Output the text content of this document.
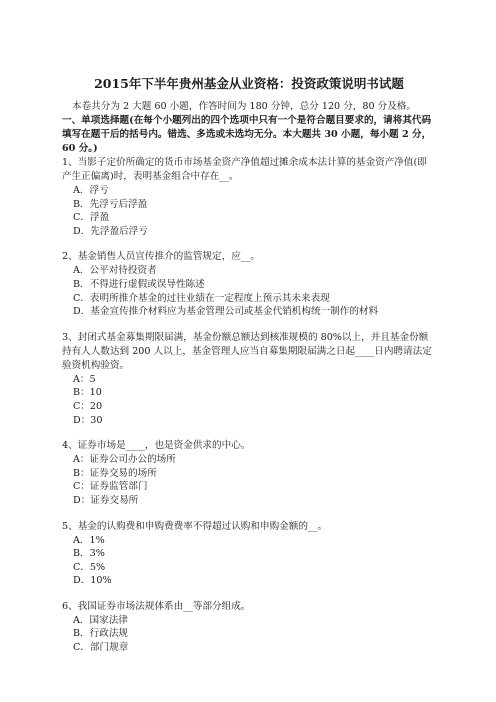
2015年下半年贵州基金从业资格：投资政策说明书试题
本卷共分为 2 大题 60 小题，作答时间为 180 分钟，总分 120 分，80 分及格。
一、单项选择题(在每个小题列出的四个选项中只有一个是符合题目要求的，请将其代码填写在题干后的括号内。错选、多选或未选均无分。本大题共 30 小题，每小题 2 分，60 分。)
1、当影子定价所确定的货币市场基金资产净值超过摊余成本法计算的基金资产净值(即产生正偏离)时，表明基金组合中存在__。
A．浮亏
B．先浮亏后浮盈
C．浮盈
D．先浮盈后浮亏
2、基金销售人员宣传推介的监管规定，应__。
A．公平对待投资者
B．不得进行虚假或误导性陈述
C．表明所推介基金的过往业绩在一定程度上预示其未来表现
D．基金宣传推介材料应为基金管理公司或基金代销机构统一制作的材料
3、封闭式基金募集期限届满，基金份额总额达到核准规模的 80%以上，并且基金份额持有人人数达到 200 人以上，基金管理人应当自募集期限届满之日起____日内聘请法定验资机构验资。
A：5
B：10
C：20
D：30
4、证券市场是____，也是资金供求的中心。
A：证券公司办公的场所
B：证券交易的场所
C：证券监管部门
D：证券交易所
5、基金的认购费和申购费费率不得超过认购和申购金额的__。
A．1%
B．3%
C．5%
D．10%
6、我国证券市场法规体系由__等部分组成。
A．国家法律
B．行政法规
C．部门规章
